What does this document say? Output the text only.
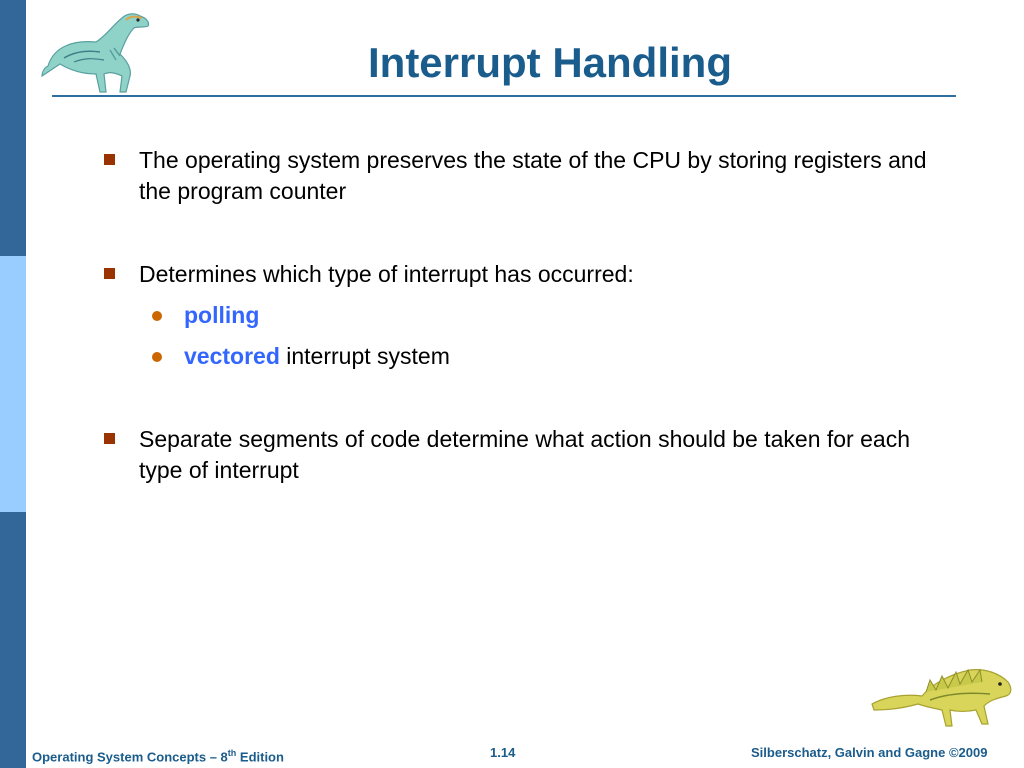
Interrupt Handling
The operating system preserves the state of the CPU by storing registers and the program counter
Determines which type of interrupt has occurred:
polling
vectored interrupt system
Separate segments of code determine what action should be taken for each type of interrupt
Operating System Concepts – 8th Edition	1.14	Silberschatz, Galvin and Gagne ©2009
